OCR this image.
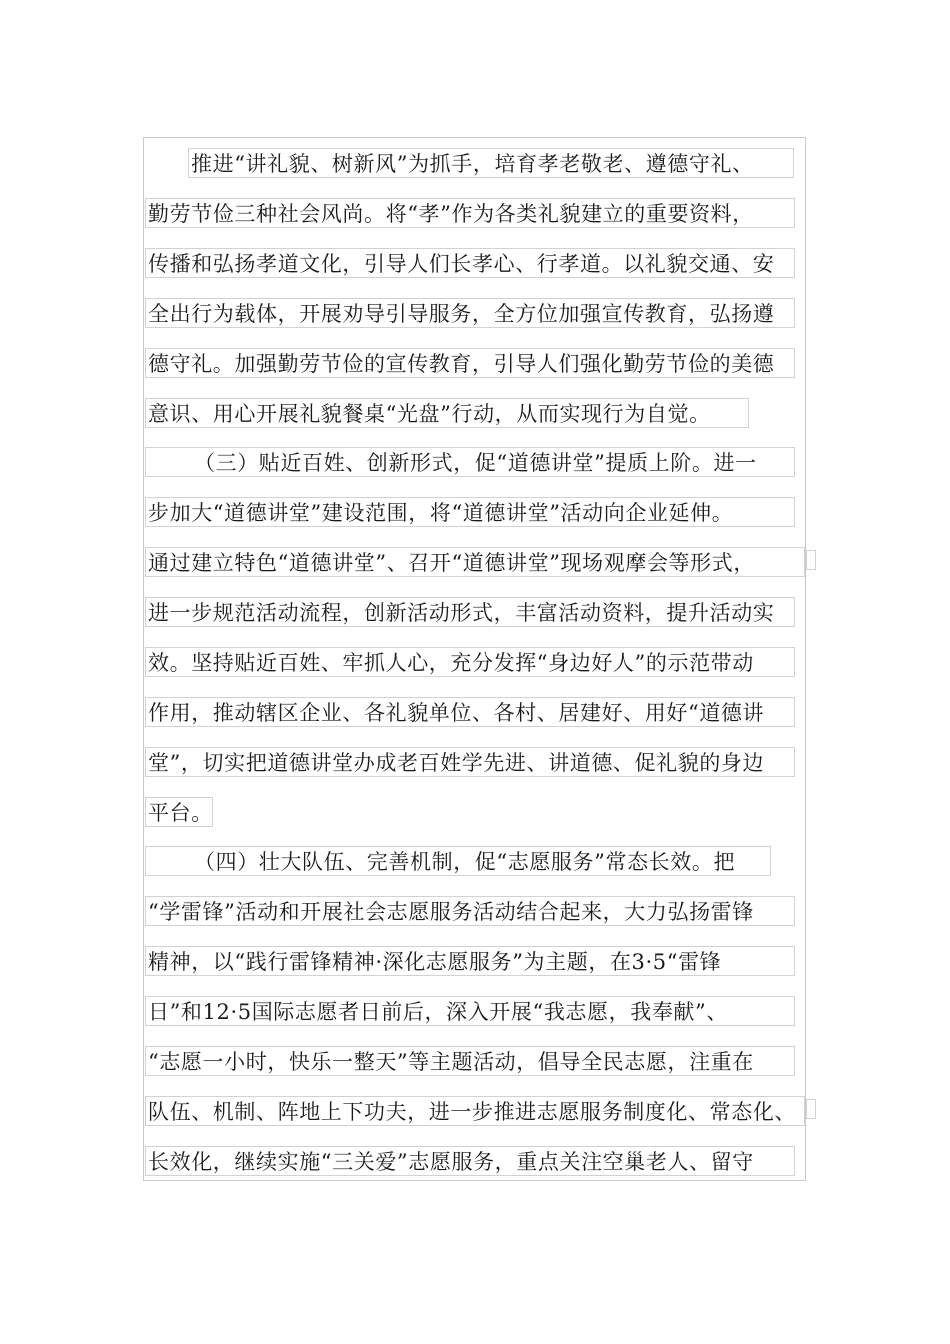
推进“讲礼貌、树新风”为抓手，培育孝老敬老、遵德守礼、
勤劳节俭三种社会风尚。将“孝”作为各类礼貌建立的重要资料，
传播和弘扬孝道文化，引导人们长孝心、行孝道。以礼貌交通、安
全出行为载体，开展劝导引导服务，全方位加强宣传教育，弘扬遵
德守礼。加强勤劳节俭的宣传教育，引导人们强化勤劳节俭的美德
意识、用心开展礼貌餐桌“光盘”行动，从而实现行为自觉。
（三）贴近百姓、创新形式，促“道德讲堂”提质上阶。进一
步加大“道德讲堂”建设范围，将“道德讲堂”活动向企业延伸。
通过建立特色“道德讲堂”、召开“道德讲堂”现场观摩会等形式，
进一步规范活动流程，创新活动形式，丰富活动资料，提升活动实
效。坚持贴近百姓、牢抓人心，充分发挥“身边好人”的示范带动
作用，推动辖区企业、各礼貌单位、各村、居建好、用好“道德讲
堂”，切实把道德讲堂办成老百姓学先进、讲道德、促礼貌的身边
平台。
（四）壮大队伍、完善机制，促“志愿服务”常态长效。把
“学雷锋”活动和开展社会志愿服务活动结合起来，大力弘扬雷锋
精神，以“践行雷锋精神·深化志愿服务”为主题，在3·5“雷锋
日”和12·5国际志愿者日前后，深入开展“我志愿，我奉献”、
“志愿一小时，快乐一整天”等主题活动，倡导全民志愿，注重在
队伍、机制、阵地上下功夫，进一步推进志愿服务制度化、常态化、
长效化，继续实施“三关爱”志愿服务，重点关注空巢老人、留守
